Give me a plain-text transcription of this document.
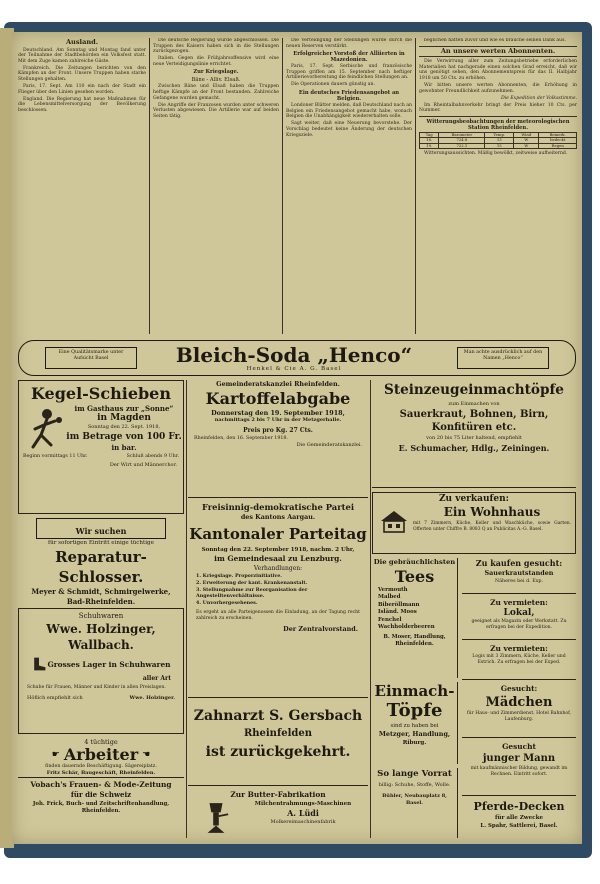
Ausland.

Deutschland. Am Sonntag und Montag fand unter der Teilnahme der Stadtbehörden ein Volksfest statt. Mit dem Zuge kamen zahlreiche Gäste.

Frankreich. Die Zeitungen berichten von den Kämpfen an der Front. Unsere Truppen haben starke Stellungen gehalten.

Paris, 17. Sept. Am 110 ein nach der Stadt ein Flieger über den Linien gesehen worden.

England. Die Regierung hat neue Maßnahmen für die Lebensmittelversorgung der Bevölkerung beschlossen.

Die deutsche Regierung wurde abgeschlossen. Die Truppen des Kaisers haben sich in die Stellungen zurückgezogen.

Italien. Gegen die Frühjahrsoffensive wird eine neue Verteidigungslinie errichtet.

Zur Kriegslage.
Bäne - Alliv. Elsaß.

Zwischen Bäne und Elsaß haben die Truppen heftige Kämpfe an der Front bestanden. Zahlreiche Gefangene wurden gemacht.

Die Angriffe der Franzosen wurden unter schweren Verlusten abgewiesen. Die Artillerie war auf beiden Seiten tätig.

Die Verteidigung der Stellungen wurde durch die neuen Reserven verstärkt.

Erfolgreicher Vorstoß der Alliierten in Mazedonien.

Paris, 17. Sept. Serbische und französische Truppen griffen am 15. September nach heftiger Artillerievorbereitung die feindlichen Stellungen an.

Die Operationen dauern günstig an.

Ein deutsches Friedensangebot an Belgien.

Londoner Blätter melden, daß Deutschland nach an Belgien ein Friedensangebot gemacht habe, wonach Belgien die Unabhängigkeit wiedererhalten solle.

Sagt weiter, daß eine Neuerung bevorstehe. Der Vorschlag bedeutet keine Änderung der deutschen Kriegsziele.

beglichen hätten zuvor und wie es brauche seinen Dank aus.

An unsere werten Abonnenten.

Die Verwirrung aller zum Zeitungsbetriebe erforderlichen Materialien hat nachgerade einen solchen Grad erreicht, daß wir uns genötigt sehen, den Abonnementspreis für das II. Halbjahr 1918 um 50 Cts. zu erhöhen.

Wir bitten unsere werten Abonnenten, die Erhöhung in gewohnter Freundlichkeit aufzunehmen.

Die Expedition der Volksstimme.

Im Rheintalbahnverkehr bringt der Preis hieher 10 Cts. per Nummer.

Witterungsbeobachtungen der meteorologischen Station Rheinfelden.
Tag	Barometer	Temp.	Wind	Bemerk.
18.	724.8	13	W	bedeckt
19.	722.1	15	W	Regen

Witterungsaussichten. Mäßig bewölkt, zeitweise aufheiternd.

Eine Qualitätsmarke unter Aufsicht Basel	Bleich-Soda „Henco“
Henkel & Cie A. G. Basel
Man achte ausdrücklich auf den Namen „Henco“
Kegel-Schieben
im Gasthaus zur „Sonne“
in Magden
Sonntag den 22. Sept. 1918,
im Betrage von 100 Fr.
in bar.
Beginn vormittags 11 Uhr.	Schluß abends 9 Uhr.
Der Wirt und Männerchor.
Wir suchen
für sofortigen Eintritt einige tüchtige
Reparatur-Schlosser.
Meyer & Schmidt, Schmirgelwerke,
Bad-Rheinfelden.
Schuhwaren
Wwe. Holzinger, Wallbach.
Grosses Lager in Schuhwaren
aller Art
Schuhe für Frauen, Männer und Kinder in allen Preislagen.
Höflich empfiehlt sich	Wwe. Holzinger.
4 tüchtige
☛ Arbeiter ☚
finden dauernde Beschäftigung. Sägereiplatz.
Fritz Schär, Baugeschäft, Rheinfelden.
Vobach's Frauen- & Mode-Zeitung
für die Schweiz
Joh. Frick, Buch- und Zeitschriftenhandlung, Rheinfelden.
Gemeinderatskanzlei Rheinfelden.
Kartoffelabgabe
Donnerstag den 19. September 1918,
nachmittags 2 bis 7 Uhr in der Metzgerhalle.
Preis pro Kg. 27 Cts.
Rheinfelden, den 16. September 1918.
Die Gemeinderatskanzlei.
Freisinnig-demokratische Partei
des Kantons Aargau.
Kantonaler Parteitag
Sonntag den 22. September 1918, nachm. 2 Uhr,
im Gemeindesaal zu Lenzburg.
Verhandlungen:
1. Kriegslage. Proporzinitiative.
2. Erweiterung der kant. Krankenanstalt.
3. Stellungnahme zur Reorganisation der Angestelltenverhältnisse.
4. Unvorhergesehenes.
Es ergeht an alle Parteigenossen die Einladung, an der Tagung recht zahlreich zu erscheinen.
Der Zentralvorstand.
Zahnarzt S. Gersbach
Rheinfelden
ist zurückgekehrt.
Zur Butter-Fabrikation
Milchentrahmungs-Maschinen
A. Lüdi
Molkereimaschinenfabrik
Steinzeugeinmachtöpfe
zum Einmachen von
Sauerkraut, Bohnen, Birn,
Konfitüren etc.
von 20 bis 75 Liter haltend, empfiehlt
E. Schumacher, Hdlg., Zeiningen.
Zu verkaufen:
Ein Wohnhaus
mit 7 Zimmern, Küche, Keller und Waschküche, sowie Garten. Offerten unter Chiffre B. 8083 Q an Publicitas A.-G. Basel.
Die gebräuchlichsten
Tees
Vermouth
Malbed
Biberöllmann
Isländ. Moos
Fenchel
Wachholderbeeren
B. Moser, Handlung, Rheinfelden.
Einmach-
Töpfe
sind zu haben bei
Metzger, Handlung,
Riburg.
So lange Vorrat
billig: Schuhe, Stoffe, Wolle.
Bühler, Neubauplatz 8, Basel.
Zu kaufen gesucht:
Sauerkrautstanden
Näheres bei d. Exp.
Zu vermieten:
Lokal,
geeignet als Magazin oder Werkstatt. Zu erfragen bei der Expedition.
Zu vermieten:
Logis mit 3 Zimmern, Küche, Keller und Estrich. Zu erfragen bei der Exped.
Gesucht:
Mädchen
für Haus- und Zimmerdienst. Hotel Bahnhof, Laufenburg.
Gesucht
junger Mann
mit kaufmännischer Bildung, gewandt im Rechnen. Eintritt sofort.
Pferde-Decken
für alle Zwecke
L. Spahr, Sattlerei, Basel.
